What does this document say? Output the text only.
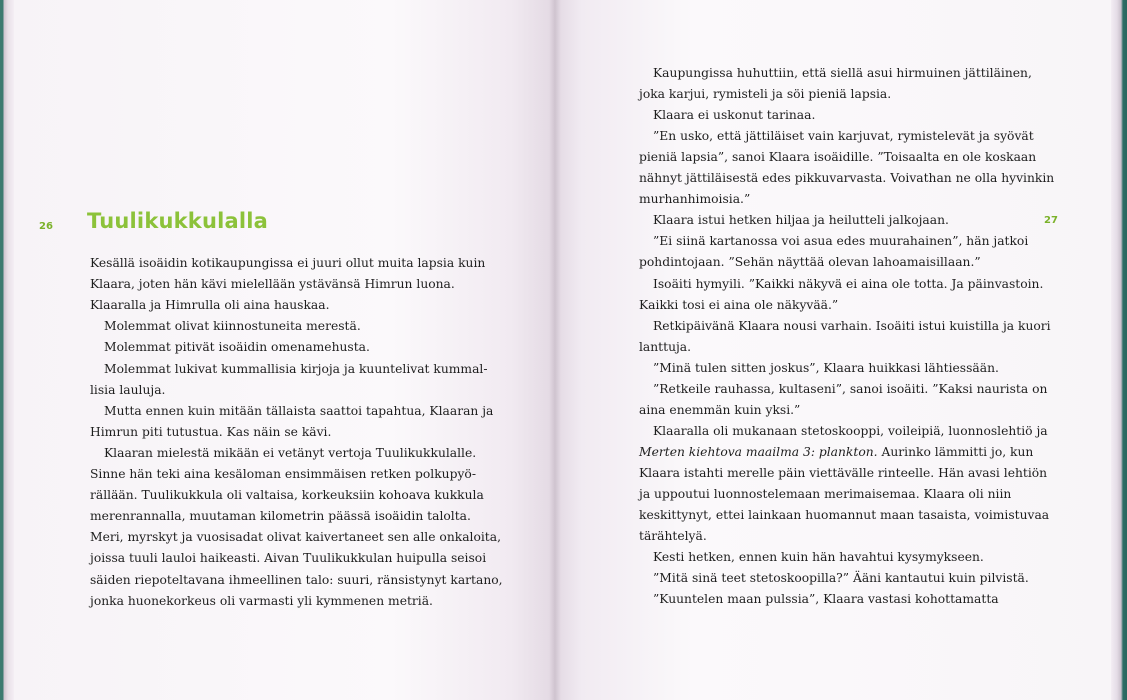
26 Tuulikukkulalla
Kesällä isoäidin kotikaupungissa ei juuri ollut muita lapsia kuin
Klaara, joten hän kävi mielellään ystävänsä Himrun luona.
Klaaralla ja Himrulla oli aina hauskaa.
Molemmat olivat kiinnostuneita merestä.
Molemmat pitivät isoäidin omenamehusta.
Molemmat lukivat kummallisia kirjoja ja kuuntelivat kummal-
lisia lauluja.
Mutta ennen kuin mitään tällaista saattoi tapahtua, Klaaran ja
Himrun piti tutustua. Kas näin se kävi.
Klaaran mielestä mikään ei vetänyt vertoja Tuulikukkulalle.
Sinne hän teki aina kesäloman ensimmäisen retken polkupyö-
rällään. Tuulikukkula oli valtaisa, korkeuksiin kohoava kukkula
merenrannalla, muutaman kilometrin päässä isoäidin talolta.
Meri, myrskyt ja vuosisadat olivat kaivertaneet sen alle onkaloita,
joissa tuuli lauloi haikeasti. Aivan Tuulikukkulan huipulla seisoi
säiden riepoteltavana ihmeellinen talo: suuri, ränsistynyt kartano,
jonka huonekorkeus oli varmasti yli kymmenen metriä.
27
Kaupungissa huhuttiin, että siellä asui hirmuinen jättiläinen,
joka karjui, rymisteli ja söi pieniä lapsia.
Klaara ei uskonut tarinaa.
”En usko, että jättiläiset vain karjuvat, rymistelevät ja syövät
pieniä lapsia”, sanoi Klaara isoäidille. ”Toisaalta en ole koskaan
nähnyt jättiläisestä edes pikkuvarvasta. Voivathan ne olla hyvinkin
murhanhimoisia.”
Klaara istui hetken hiljaa ja heilutteli jalkojaan.
”Ei siinä kartanossa voi asua edes muurahainen”, hän jatkoi
pohdintojaan. ”Sehän näyttää olevan lahoamaisillaan.”
Isoäiti hymyili. ”Kaikki näkyvä ei aina ole totta. Ja päinvastoin.
Kaikki tosi ei aina ole näkyvää.”
Retkipäivänä Klaara nousi varhain. Isoäiti istui kuistilla ja kuori
lanttuja.
”Minä tulen sitten joskus”, Klaara huikkasi lähtiessään.
”Retkeile rauhassa, kultaseni”, sanoi isoäiti. ”Kaksi naurista on
aina enemmän kuin yksi.”
Klaaralla oli mukanaan stetoskooppi, voileipiä, luonnoslehtiö ja
Merten kiehtova maailma 3: plankton. Aurinko lämmitti jo, kun
Klaara istahti merelle päin viettävälle rinteelle. Hän avasi lehtiön
ja uppoutui luonnostelemaan merimaisemaa. Klaara oli niin
keskittynyt, ettei lainkaan huomannut maan tasaista, voimistuvaa
tärähtelyä.
Kesti hetken, ennen kuin hän havahtui kysymykseen.
”Mitä sinä teet stetoskoopilla?” Ääni kantautui kuin pilvistä.
”Kuuntelen maan pulssia”, Klaara vastasi kohottamatta
